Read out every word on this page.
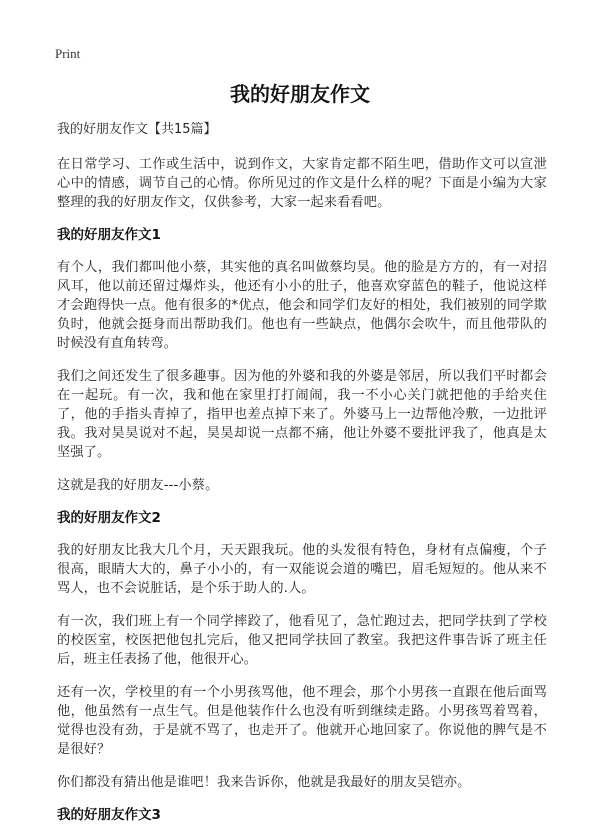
Print
我的好朋友作文
我的好朋友作文【共15篇】

在日常学习、工作或生活中，说到作文，大家肯定都不陌生吧，借助作文可以宣泄心中的情感，调节自己的心情。你所见过的作文是什么样的呢？下面是小编为大家整理的我的好朋友作文，仅供参考，大家一起来看看吧。

我的好朋友作文1

有个人，我们都叫他小蔡，其实他的真名叫做蔡均昊。他的脸是方方的，有一对招风耳，他以前还留过爆炸头，他还有小小的肚子，他喜欢穿蓝色的鞋子，他说这样才会跑得快一点。他有很多的*优点，他会和同学们友好的相处，我们被别的同学欺负时，他就会挺身而出帮助我们。他也有一些缺点，他偶尔会吹牛，而且他带队的时候没有直角转弯。

我们之间还发生了很多趣事。因为他的外婆和我的外婆是邻居，所以我们平时都会在一起玩。有一次，我和他在家里打打闹闹，我一不小心关门就把他的手给夹住了，他的手指头青掉了，指甲也差点掉下来了。外婆马上一边帮他冷敷，一边批评我。我对昊昊说对不起，昊昊却说一点都不痛，他让外婆不要批评我了，他真是太坚强了。

这就是我的好朋友---小蔡。

我的好朋友作文2

我的好朋友比我大几个月，天天跟我玩。他的头发很有特色，身材有点偏瘦，个子很高，眼睛大大的，鼻子小小的，有一双能说会道的嘴巴，眉毛短短的。他从来不骂人，也不会说脏话，是个乐于助人的.人。

有一次，我们班上有一个同学摔跤了，他看见了，急忙跑过去，把同学扶到了学校的校医室，校医把他包扎完后，他又把同学扶回了教室。我把这件事告诉了班主任后，班主任表扬了他，他很开心。

还有一次，学校里的有一个小男孩骂他，他不理会，那个小男孩一直跟在他后面骂他，他虽然有一点生气。但是他装作什么也没有听到继续走路。小男孩骂着骂着，觉得也没有劲，于是就不骂了，也走开了。他就开心地回家了。你说他的脾气是不是很好？

你们都没有猜出他是谁吧！我来告诉你，他就是我最好的朋友吴铠亦。

我的好朋友作文3
